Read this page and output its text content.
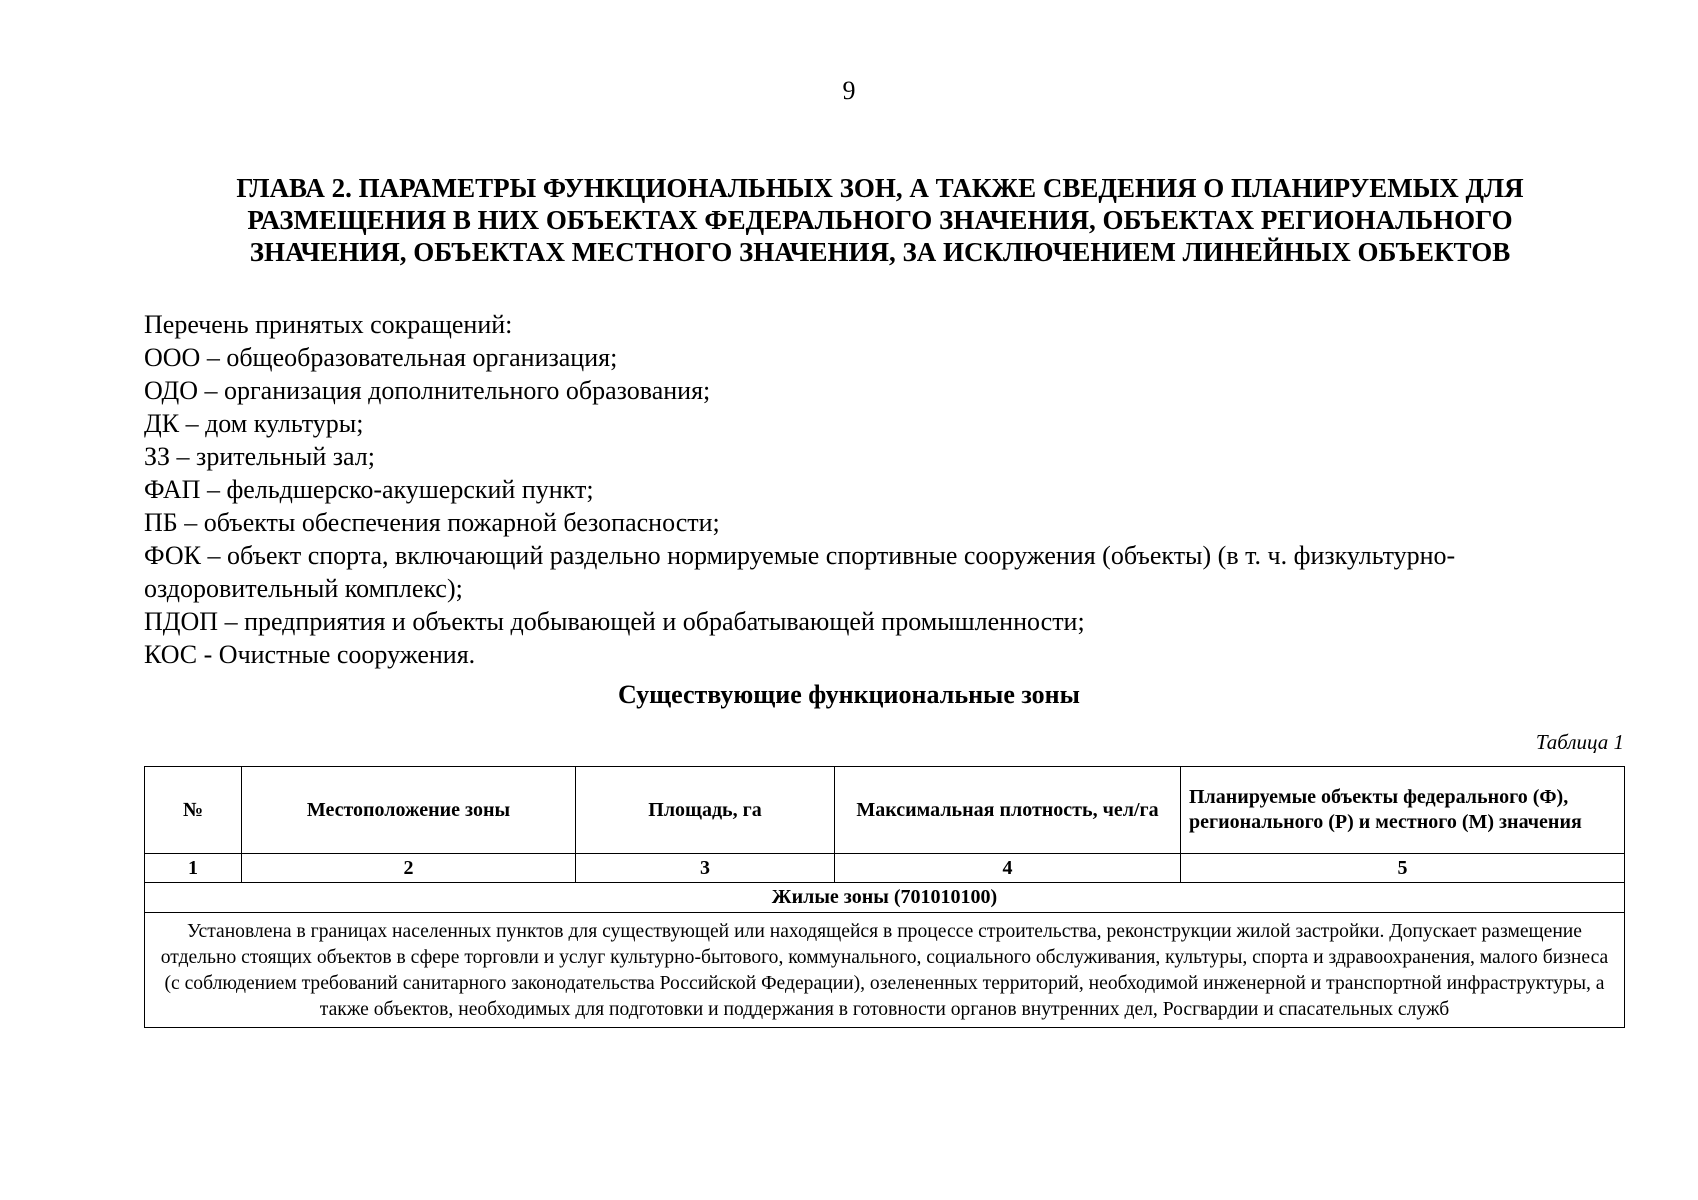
9
ГЛАВА 2. ПАРАМЕТРЫ ФУНКЦИОНАЛЬНЫХ ЗОН, А ТАКЖЕ СВЕДЕНИЯ О ПЛАНИРУЕМЫХ ДЛЯ РАЗМЕЩЕНИЯ В НИХ ОБЪЕКТАХ ФЕДЕРАЛЬНОГО ЗНАЧЕНИЯ, ОБЪЕКТАХ РЕГИОНАЛЬНОГО ЗНАЧЕНИЯ, ОБЪЕКТАХ МЕСТНОГО ЗНАЧЕНИЯ, ЗА ИСКЛЮЧЕНИЕМ ЛИНЕЙНЫХ ОБЪЕКТОВ

Перечень принятых сокращений:

ООО – общеобразовательная организация;

ОДО – организация дополнительного образования;

ДК – дом культуры;

ЗЗ – зрительный зал;

ФАП – фельдшерско-акушерский пункт;

ПБ – объекты обеспечения пожарной безопасности;

ФОК – объект спорта, включающий раздельно нормируемые спортивные сооружения (объекты) (в т. ч. физкультурно-оздоровительный комплекс);

ПДОП – предприятия и объекты добывающей и обрабатывающей промышленности;

КОС - Очистные сооружения.

Существующие функциональные зоны
Таблица 1
№	Местоположение зоны	Площадь, га	Максимальная плотность, чел/га	Планируемые объекты федерального (Ф), регионального (Р) и местного (М) значения
1	2	3	4	5
Жилые зоны (701010100)				
Установлена в границах населенных пунктов для существующей или находящейся в процессе строительства, реконструкции жилой застройки. Допускает размещение отдельно стоящих объектов в сфере торговли и услуг культурно-бытового, коммунального, социального обслуживания, культуры, спорта и здравоохранения, малого бизнеса (с соблюдением требований санитарного законодательства Российской Федерации), озелененных территорий, необходимой инженерной и транспортной инфраструктуры, а также объектов, необходимых для подготовки и поддержания в готовности органов внутренних дел, Росгвардии и спасательных служб				
